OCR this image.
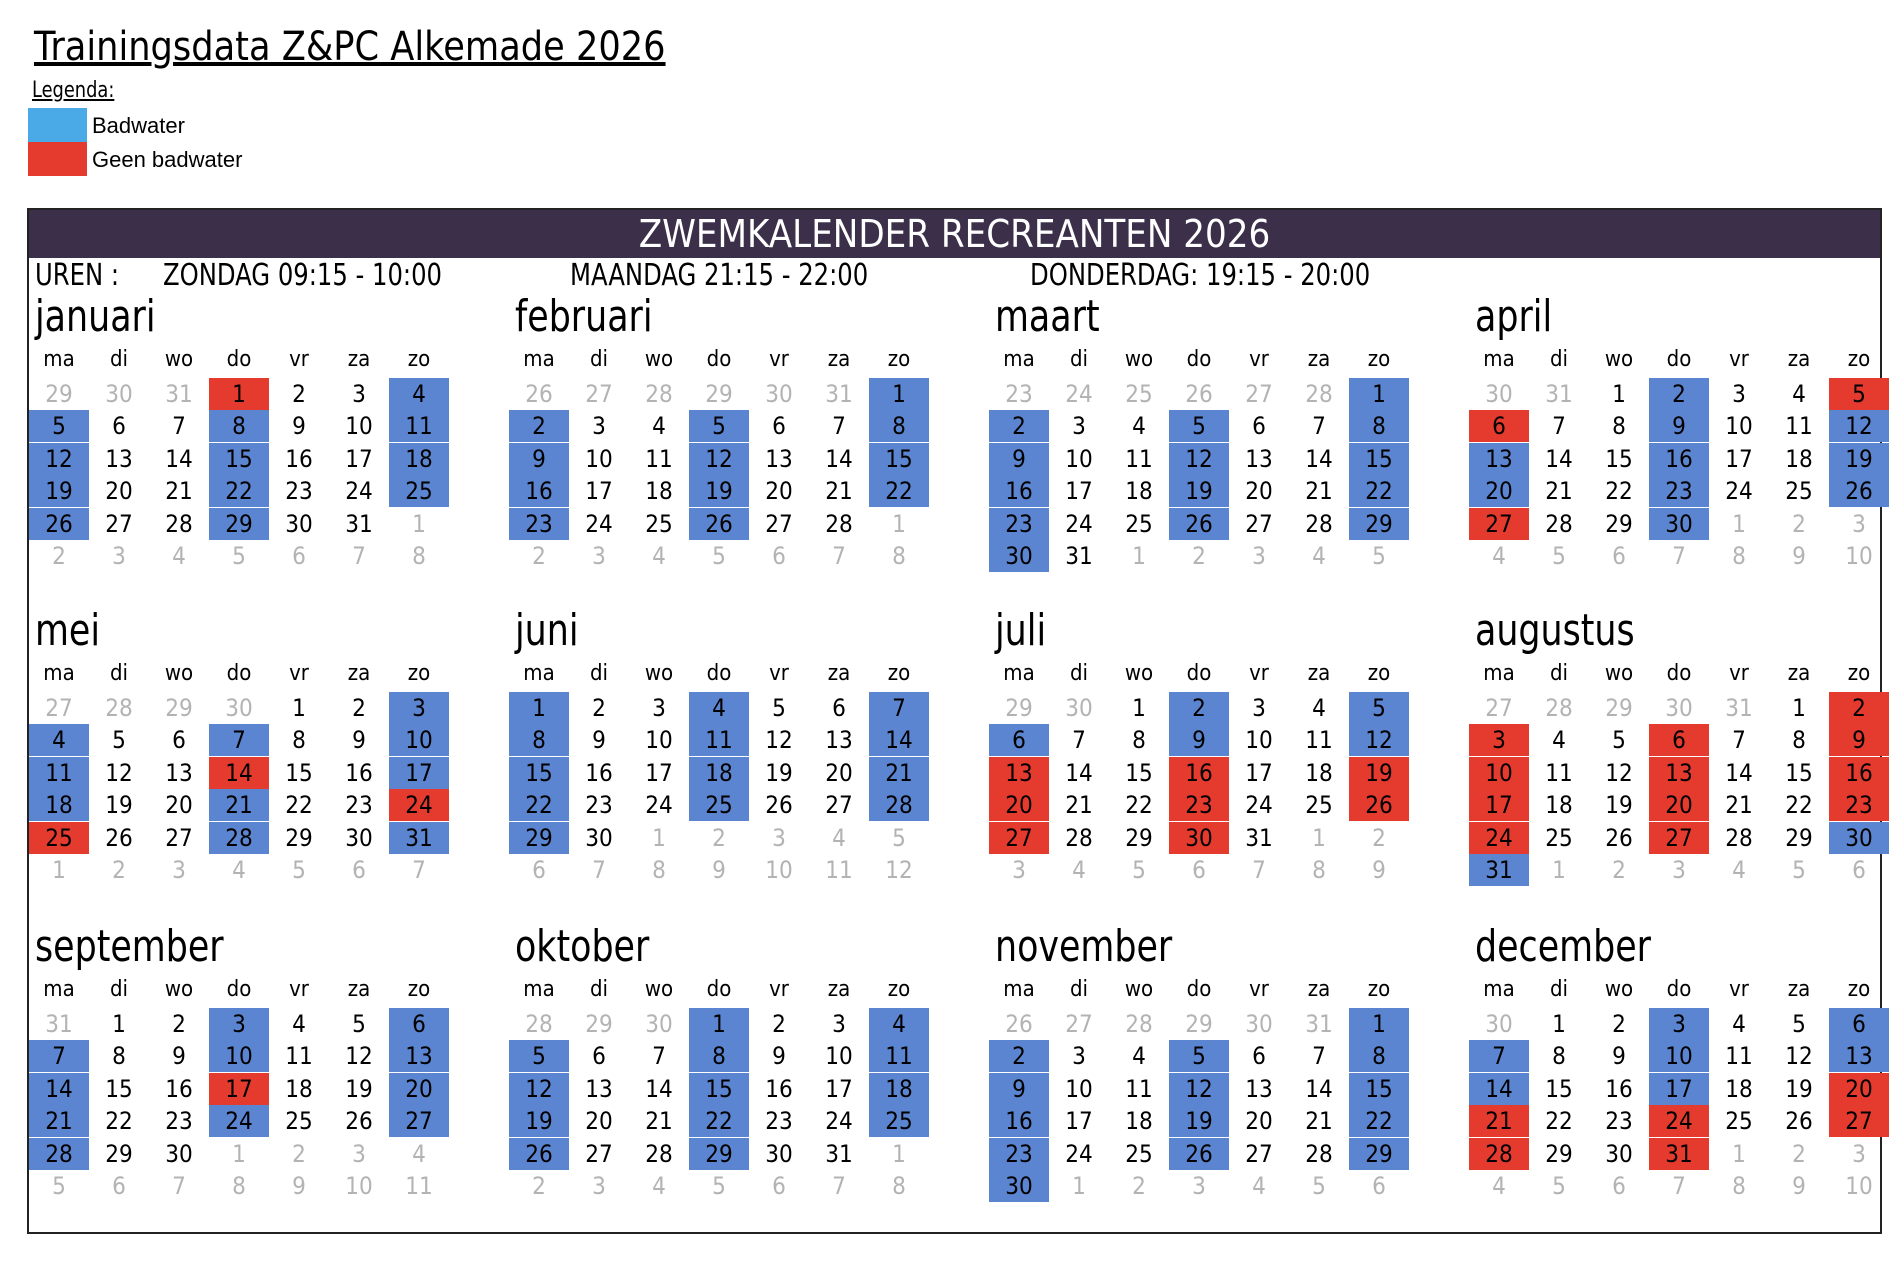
Trainingsdata Z&PC Alkemade 2026
Legenda:
Badwater
Geen badwater
ZWEMKALENDER RECREANTEN 2026
UREN : ZONDAG 09:15 - 10:00	MAANDAG 21:15 - 22:00	DONDERDAG: 19:15 - 20:00
januari
ma	di	wo	do	vr	za	zo
29	30	31	1	2	3	4
5	6	7	8	9	10	11
12	13	14	15	16	17	18
19	20	21	22	23	24	25
26	27	28	29	30	31	1
2	3	4	5	6	7	8
februari
ma	di	wo	do	vr	za	zo
26	27	28	29	30	31	1
2	3	4	5	6	7	8
9	10	11	12	13	14	15
16	17	18	19	20	21	22
23	24	25	26	27	28	1
2	3	4	5	6	7	8
maart
ma	di	wo	do	vr	za	zo
23	24	25	26	27	28	1
2	3	4	5	6	7	8
9	10	11	12	13	14	15
16	17	18	19	20	21	22
23	24	25	26	27	28	29
30	31	1	2	3	4	5
april
ma	di	wo	do	vr	za	zo
30	31	1	2	3	4	5
6	7	8	9	10	11	12
13	14	15	16	17	18	19
20	21	22	23	24	25	26
27	28	29	30	1	2	3
4	5	6	7	8	9	10
mei
ma	di	wo	do	vr	za	zo
27	28	29	30	1	2	3
4	5	6	7	8	9	10
11	12	13	14	15	16	17
18	19	20	21	22	23	24
25	26	27	28	29	30	31
1	2	3	4	5	6	7
juni
ma	di	wo	do	vr	za	zo
1	2	3	4	5	6	7
8	9	10	11	12	13	14
15	16	17	18	19	20	21
22	23	24	25	26	27	28
29	30	1	2	3	4	5
6	7	8	9	10	11	12
juli
ma	di	wo	do	vr	za	zo
29	30	1	2	3	4	5
6	7	8	9	10	11	12
13	14	15	16	17	18	19
20	21	22	23	24	25	26
27	28	29	30	31	1	2
3	4	5	6	7	8	9
augustus
ma	di	wo	do	vr	za	zo
27	28	29	30	31	1	2
3	4	5	6	7	8	9
10	11	12	13	14	15	16
17	18	19	20	21	22	23
24	25	26	27	28	29	30
31	1	2	3	4	5	6
september
ma	di	wo	do	vr	za	zo
31	1	2	3	4	5	6
7	8	9	10	11	12	13
14	15	16	17	18	19	20
21	22	23	24	25	26	27
28	29	30	1	2	3	4
5	6	7	8	9	10	11
oktober
ma	di	wo	do	vr	za	zo
28	29	30	1	2	3	4
5	6	7	8	9	10	11
12	13	14	15	16	17	18
19	20	21	22	23	24	25
26	27	28	29	30	31	1
2	3	4	5	6	7	8
november
ma	di	wo	do	vr	za	zo
26	27	28	29	30	31	1
2	3	4	5	6	7	8
9	10	11	12	13	14	15
16	17	18	19	20	21	22
23	24	25	26	27	28	29
30	1	2	3	4	5	6
december
ma	di	wo	do	vr	za	zo
30	1	2	3	4	5	6
7	8	9	10	11	12	13
14	15	16	17	18	19	20
21	22	23	24	25	26	27
28	29	30	31	1	2	3
4	5	6	7	8	9	10
